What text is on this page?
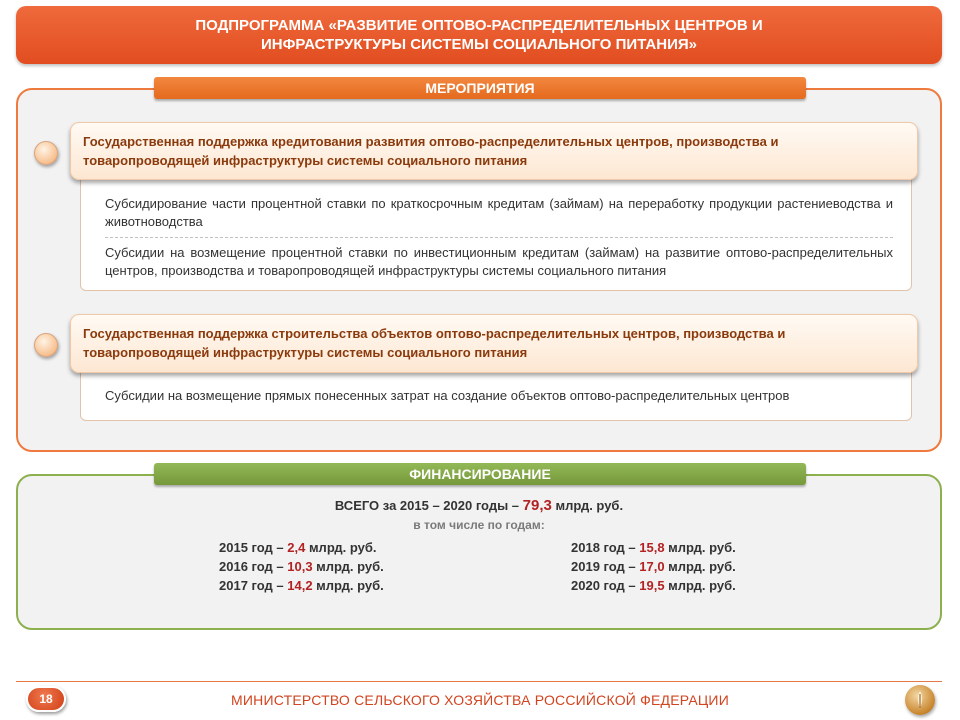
ПОДПРОГРАММА «РАЗВИТИЕ ОПТОВО-РАСПРЕДЕЛИТЕЛЬНЫХ ЦЕНТРОВ И
ИНФРАСТРУКТУРЫ СИСТЕМЫ СОЦИАЛЬНОГО ПИТАНИЯ»
МЕРОПРИЯТИЯ
Субсидирование части процентной ставки по краткосрочным кредитам (займам) на переработку продукции растениеводства и животноводства
Субсидии на возмещение процентной ставки по инвестиционным кредитам (займам) на развитие оптово-распределительных центров, производства и товаропроводящей инфраструктуры системы социального питания
Государственная поддержка кредитования развития оптово-распределительных центров, производства и
товаропроводящей инфраструктуры системы социального питания
Субсидии на возмещение прямых понесенных затрат на создание объектов оптово-распределительных центров
Государственная поддержка строительства объектов оптово-распределительных центров, производства и
товаропроводящей инфраструктуры системы социального питания
ФИНАНСИРОВАНИЕ
ВСЕГО за 2015 – 2020 годы – 79,3 млрд. руб.
в том числе по годам:
2015 год – 2,4 млрд. руб.
2016 год – 10,3 млрд. руб.
2017 год – 14,2 млрд. руб.
2018 год – 15,8 млрд. руб.
2019 год – 17,0 млрд. руб.
2020 год – 19,5 млрд. руб.
18	МИНИСТЕРСТВО СЕЛЬСКОГО ХОЗЯЙСТВА РОССИЙСКОЙ ФЕДЕРАЦИИ
